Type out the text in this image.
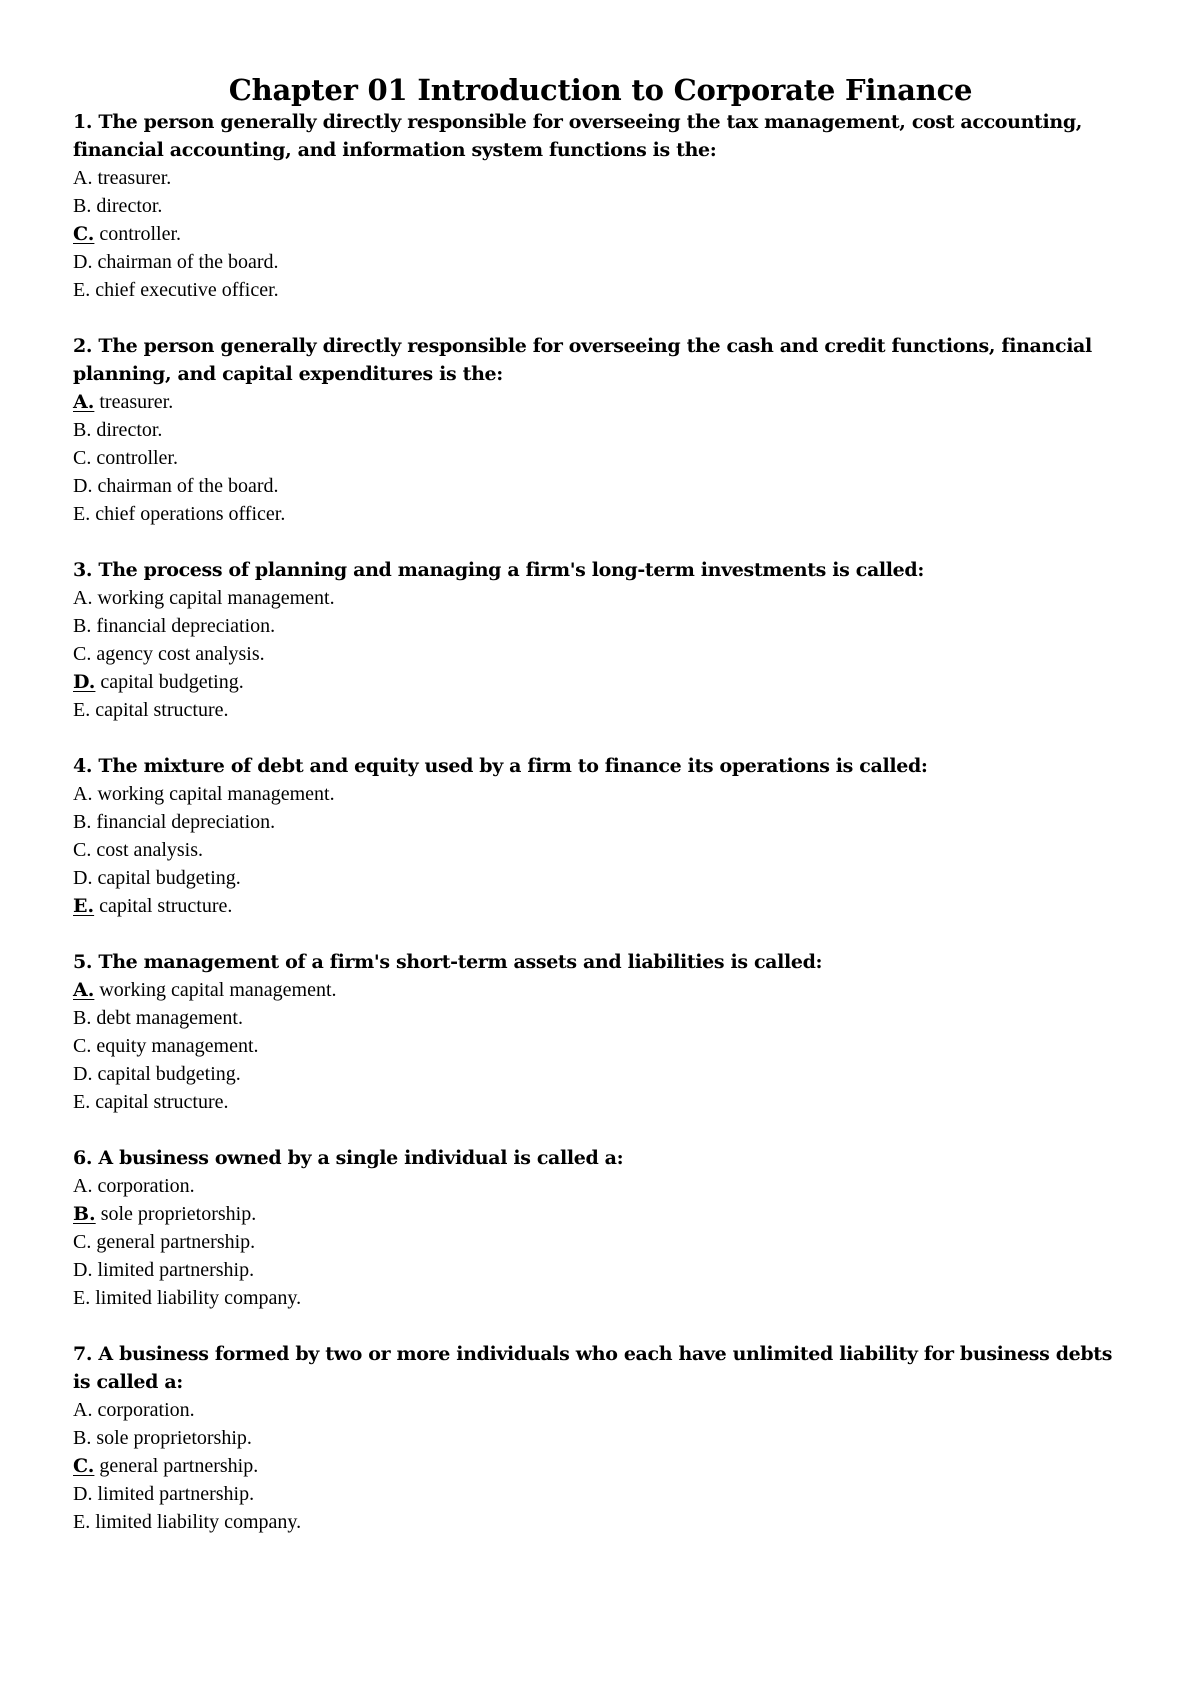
Chapter 01 Introduction to Corporate Finance

1. The person generally directly responsible for overseeing the tax management, cost accounting, financial accounting, and information system functions is the:

A. treasurer.
B. director.
C. controller.
D. chairman of the board.
E. chief executive officer.

2. The person generally directly responsible for overseeing the cash and credit functions, financial planning, and capital expenditures is the:

A. treasurer.
B. director.
C. controller.
D. chairman of the board.
E. chief operations officer.

3. The process of planning and managing a firm's long-term investments is called:

A. working capital management.
B. financial depreciation.
C. agency cost analysis.
D. capital budgeting.
E. capital structure.

4. The mixture of debt and equity used by a firm to finance its operations is called:

A. working capital management.
B. financial depreciation.
C. cost analysis.
D. capital budgeting.
E. capital structure.

5. The management of a firm's short-term assets and liabilities is called:

A. working capital management.
B. debt management.
C. equity management.
D. capital budgeting.
E. capital structure.

6. A business owned by a single individual is called a:

A. corporation.
B. sole proprietorship.
C. general partnership.
D. limited partnership.
E. limited liability company.

7. A business formed by two or more individuals who each have unlimited liability for business debts is called a:

A. corporation.
B. sole proprietorship.
C. general partnership.
D. limited partnership.
E. limited liability company.
